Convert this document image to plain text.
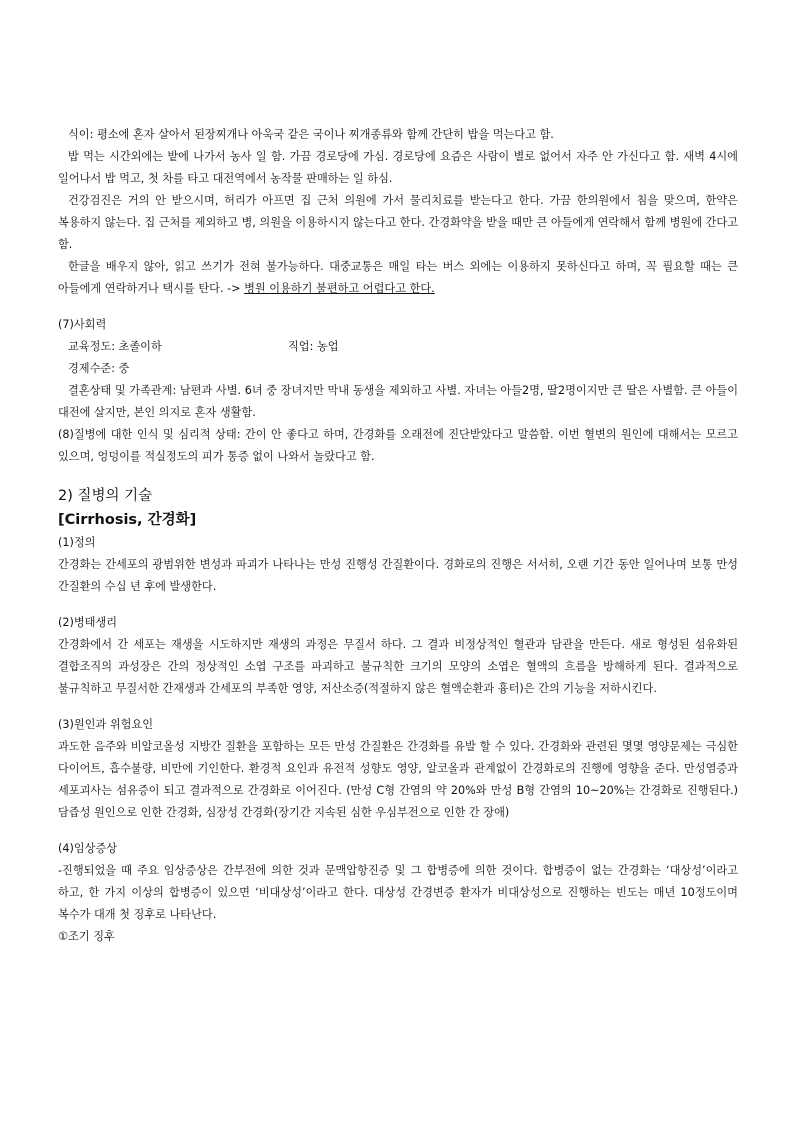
식이: 평소에 혼자 살아서 된장찌개나 아욱국 같은 국이나 찌개종류와 함께 간단히 밥을 먹는다고 함.

밥 먹는 시간외에는 밭에 나가서 농사 일 함. 가끔 경로당에 가심. 경로당에 요즘은 사람이 별로 없어서 자주 안 가신다고 함. 새벽 4시에 일어나서 밥 먹고, 첫 차를 타고 대전역에서 농작물 판매하는 일 하심.

건강검진은 거의 안 받으시며, 허리가 아프면 집 근처 의원에 가서 물리치료를 받는다고 한다. 가끔 한의원에서 침을 맞으며, 한약은 복용하지 않는다. 집 근처를 제외하고 병, 의원을 이용하시지 않는다고 한다. 간경화약을 받을 때만 큰 아들에게 연락해서 함께 병원에 간다고 함.

한글을 배우지 않아, 읽고 쓰기가 전혀 불가능하다. 대중교통은 매일 타는 버스 외에는 이용하지 못하신다고 하며, 꼭 필요할 때는 큰 아들에게 연락하거나 택시를 탄다. -> 병원 이용하기 불편하고 어렵다고 한다.

(7)사회력

교육정도: 초졸이하	직업: 농업

경제수준: 중

결혼상태 및 가족관계: 남편과 사별. 6녀 중 장녀지만 막내 동생을 제외하고 사별. 자녀는 아들2명, 딸2명이지만 큰 딸은 사별함. 큰 아들이 대전에 살지만, 본인 의지로 혼자 생활함.

(8)질병에 대한 인식 및 심리적 상태: 간이 안 좋다고 하며, 간경화를 오래전에 진단받았다고 말씀함. 이번 혈변의 원인에 대해서는 모르고 있으며, 엉덩이를 적실정도의 피가 통증 없이 나와서 놀랐다고 함.

2) 질병의 기술

[Cirrhosis, 간경화]

(1)정의

간경화는 간세포의 광범위한 변성과 파괴가 나타나는 만성 진행성 간질환이다. 경화로의 진행은 서서히, 오랜 기간 동안 일어나며 보통 만성 간질환의 수십 년 후에 발생한다.

(2)병태생리

간경화에서 간 세포는 재생을 시도하지만 재생의 과정은 무질서 하다. 그 결과 비정상적인 혈관과 담관을 만든다. 새로 형성된 섬유화된 결합조직의 과성장은 간의 정상적인 소엽 구조를 파괴하고 불규칙한 크기의 모양의 소엽은 혈액의 흐름을 방해하게 된다. 결과적으로 불규칙하고 무질서한 간재생과 간세포의 부족한 영양, 저산소증(적절하지 않은 혈액순환과 흉터)은 간의 기능을 저하시킨다.

(3)원인과 위험요인

과도한 음주와 비알코올성 지방간 질환을 포함하는 모든 만성 간질환은 간경화를 유발 할 수 있다. 간경화와 관련된 몇몇 영양문제는 극심한 다이어트, 흡수불량, 비만에 기인한다. 환경적 요인과 유전적 성향도 영양, 알코올과 관계없이 간경화로의 진행에 영향을 준다. 만성염증과 세포괴사는 섬유증이 되고 결과적으로 간경화로 이어진다. (만성 C형 간염의 약 20%와 만성 B형 간염의 10~20%는 간경화로 진행된다.) 담즙성 원인으로 인한 간경화, 심장성 간경화(장기간 지속된 심한 우심부전으로 인한 간 장애)

(4)임상증상

-진행되었을 때 주요 임상증상은 간부전에 의한 것과 문맥압항진증 및 그 합병증에 의한 것이다. 합병증이 없는 간경화는 ‘대상성’이라고 하고, 한 가지 이상의 합병증이 있으면 ‘비대상성’이라고 한다. 대상성 간경변증 환자가 비대상성으로 진행하는 빈도는 매년 10정도이며 복수가 대개 첫 징후로 나타난다.

①조기 징후
